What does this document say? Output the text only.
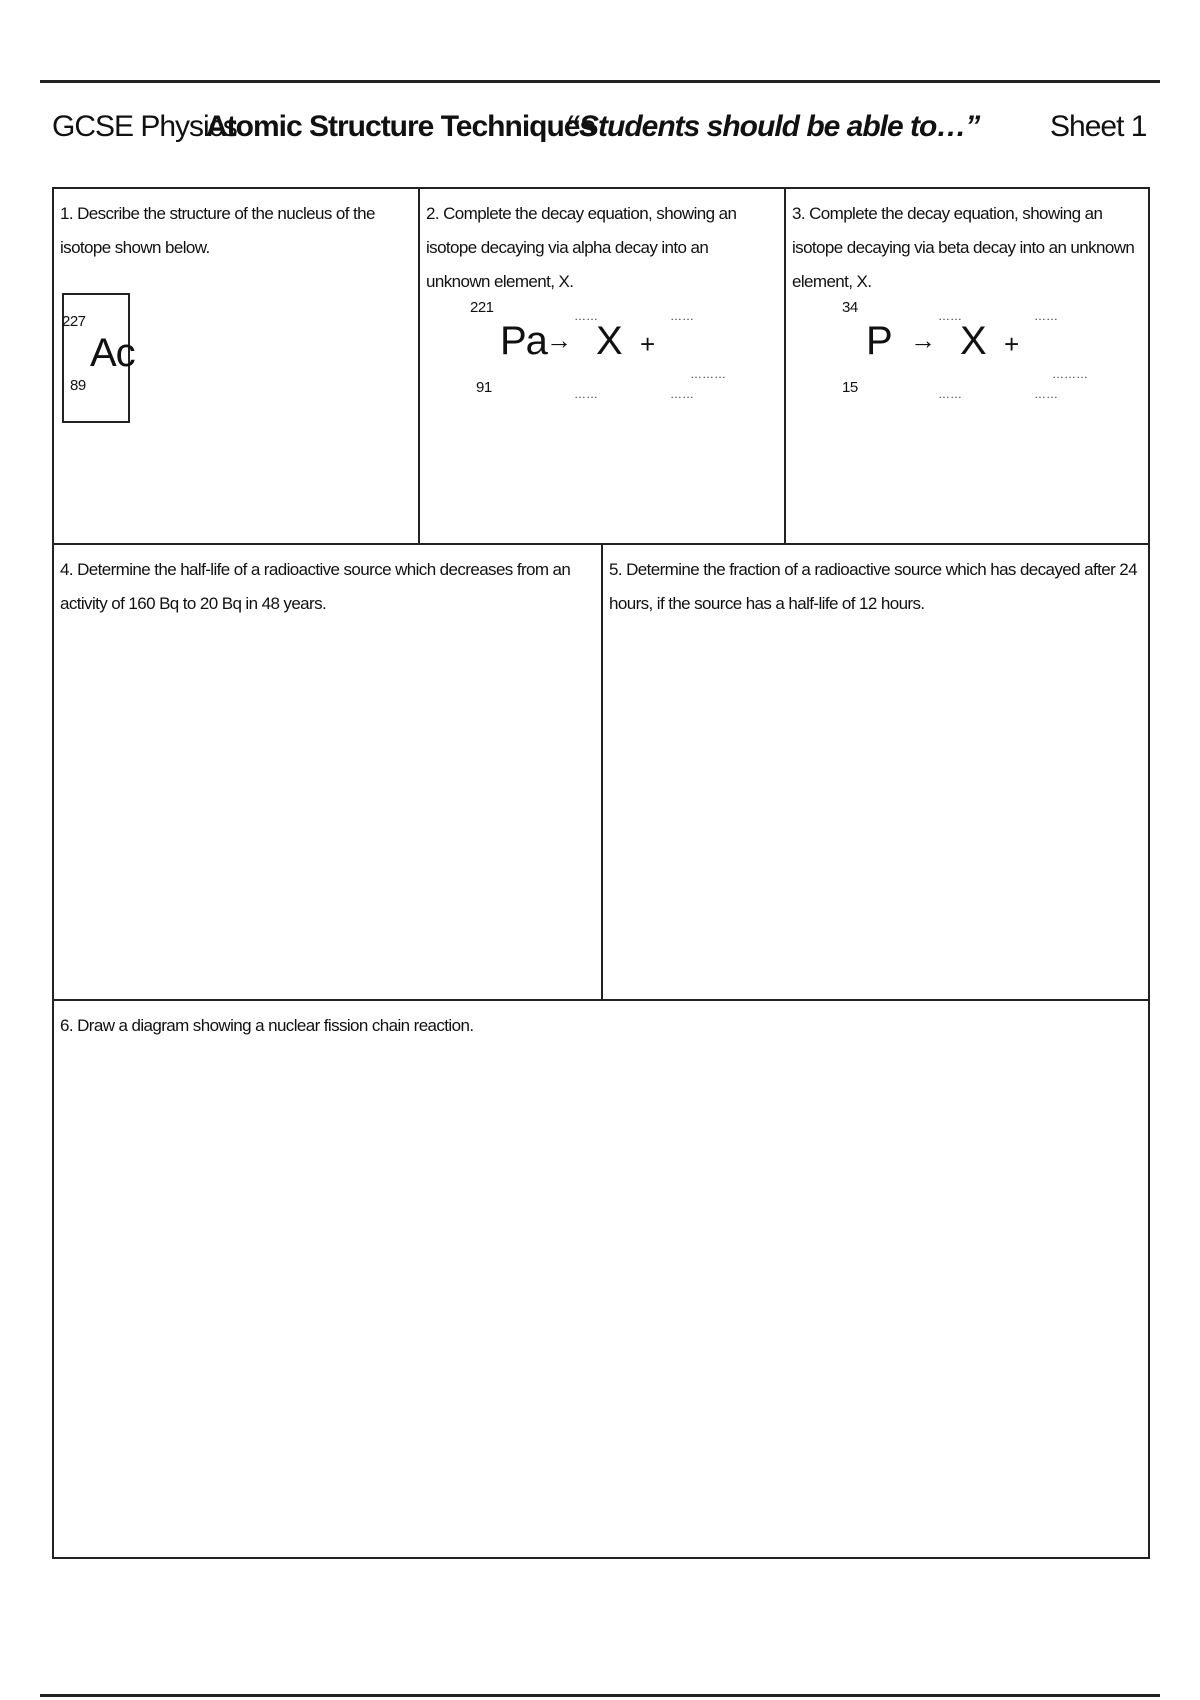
GCSE Physics
Atomic Structure Techniques
“Students should be able to…” Sheet 1
1. Describe the structure of the nucleus of the isotope shown below.
227
Ac
89
2. Complete the decay equation, showing an isotope decaying via alpha decay into an unknown element, X.
221
Pa
91
→
……
X
……
+
……
………
……
3. Complete the decay equation, showing an isotope decaying via beta decay into an unknown element, X.
34
P
15
→
……
X
……
+
……
………
……
4. Determine the half-life of a radioactive source which decreases from an activity of 160 Bq to 20 Bq in 48 years.
5. Determine the fraction of a radioactive source which has decayed after 24 hours, if the source has a half-life of 12 hours.
6. Draw a diagram showing a nuclear fission chain reaction.
